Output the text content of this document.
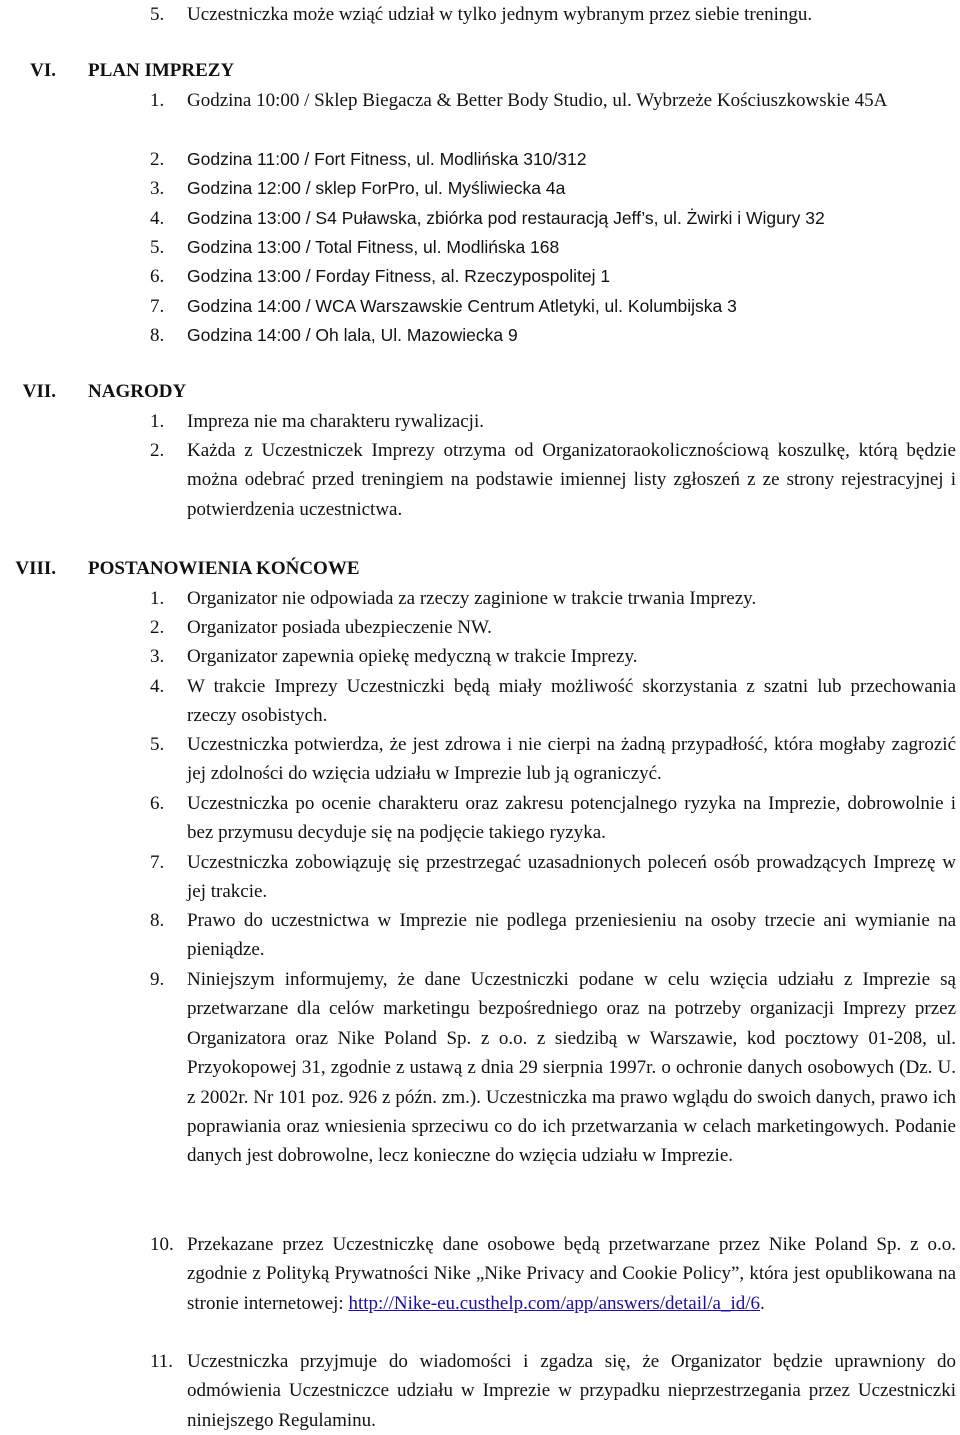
5. Uczestniczka może wziąć udział w tylko jednym wybranym przez siebie treningu.
VI. PLAN IMPREZY
1. Godzina 10:00 / Sklep Biegacza & Better Body Studio, ul. Wybrzeże Kościuszkowskie 45A
2. Godzina 11:00 / Fort Fitness, ul. Modlińska 310/312
3. Godzina 12:00 / sklep ForPro, ul. Myśliwiecka 4a
4. Godzina 13:00 / S4 Puławska, zbiórka pod restauracją Jeff’s, ul. Żwirki i Wigury 32
5. Godzina 13:00 / Total Fitness, ul. Modlińska 168
6. Godzina 13:00 / Forday Fitness, al. Rzeczypospolitej 1
7. Godzina 14:00 / WCA Warszawskie Centrum Atletyki, ul. Kolumbijska 3
8. Godzina 14:00 / Oh lala, Ul. Mazowiecka 9
VII. NAGRODY
1. Impreza nie ma charakteru rywalizacji.
2. Każda z Uczestniczek Imprezy otrzyma od Organizatoraokolicznościową koszulkę, którą będzie można odebrać przed treningiem na podstawie imiennej listy zgłoszeń z ze strony rejestracyjnej i potwierdzenia uczestnictwa.
VIII. POSTANOWIENIA KOŃCOWE
1. Organizator nie odpowiada za rzeczy zaginione w trakcie trwania Imprezy.
2. Organizator posiada ubezpieczenie NW.
3. Organizator zapewnia opiekę medyczną w trakcie Imprezy.
4. W trakcie Imprezy Uczestniczki będą miały możliwość skorzystania z szatni lub przechowania rzeczy osobistych.
5. Uczestniczka potwierdza, że jest zdrowa i nie cierpi na żadną przypadłość, która mogłaby zagrozić jej zdolności do wzięcia udziału w Imprezie lub ją ograniczyć.
6. Uczestniczka po ocenie charakteru oraz zakresu potencjalnego ryzyka na Imprezie, dobrowolnie i bez przymusu decyduje się na podjęcie takiego ryzyka.
7. Uczestniczka zobowiązuję się przestrzegać uzasadnionych poleceń osób prowadzących Imprezę w jej trakcie.
8. Prawo do uczestnictwa w Imprezie nie podlega przeniesieniu na osoby trzecie ani wymianie na pieniądze.
9. Niniejszym informujemy, że dane Uczestniczki podane w celu wzięcia udziału z Imprezie są przetwarzane dla celów marketingu bezpośredniego oraz na potrzeby organizacji Imprezy przez Organizatora oraz Nike Poland Sp. z o.o. z siedzibą w Warszawie, kod pocztowy 01-208, ul. Przyokopowej 31, zgodnie z ustawą z dnia 29 sierpnia 1997r. o ochronie danych osobowych (Dz. U. z 2002r. Nr 101 poz. 926 z późn. zm.). Uczestniczka ma prawo wglądu do swoich danych, prawo ich poprawiania oraz wniesienia sprzeciwu co do ich przetwarzania w celach marketingowych. Podanie danych jest dobrowolne, lecz konieczne do wzięcia udziału w Imprezie.
10. Przekazane przez Uczestniczkę dane osobowe będą przetwarzane przez Nike Poland Sp. z o.o. zgodnie z Polityką Prywatności Nike „Nike Privacy and Cookie Policy”, która jest opublikowana na stronie internetowej: http://Nike-eu.custhelp.com/app/answers/detail/a_id/6.
11. Uczestniczka przyjmuje do wiadomości i zgadza się, że Organizator będzie uprawniony do odmówienia Uczestniczce udziału w Imprezie w przypadku nieprzestrzegania przez Uczestniczki niniejszego Regulaminu.
